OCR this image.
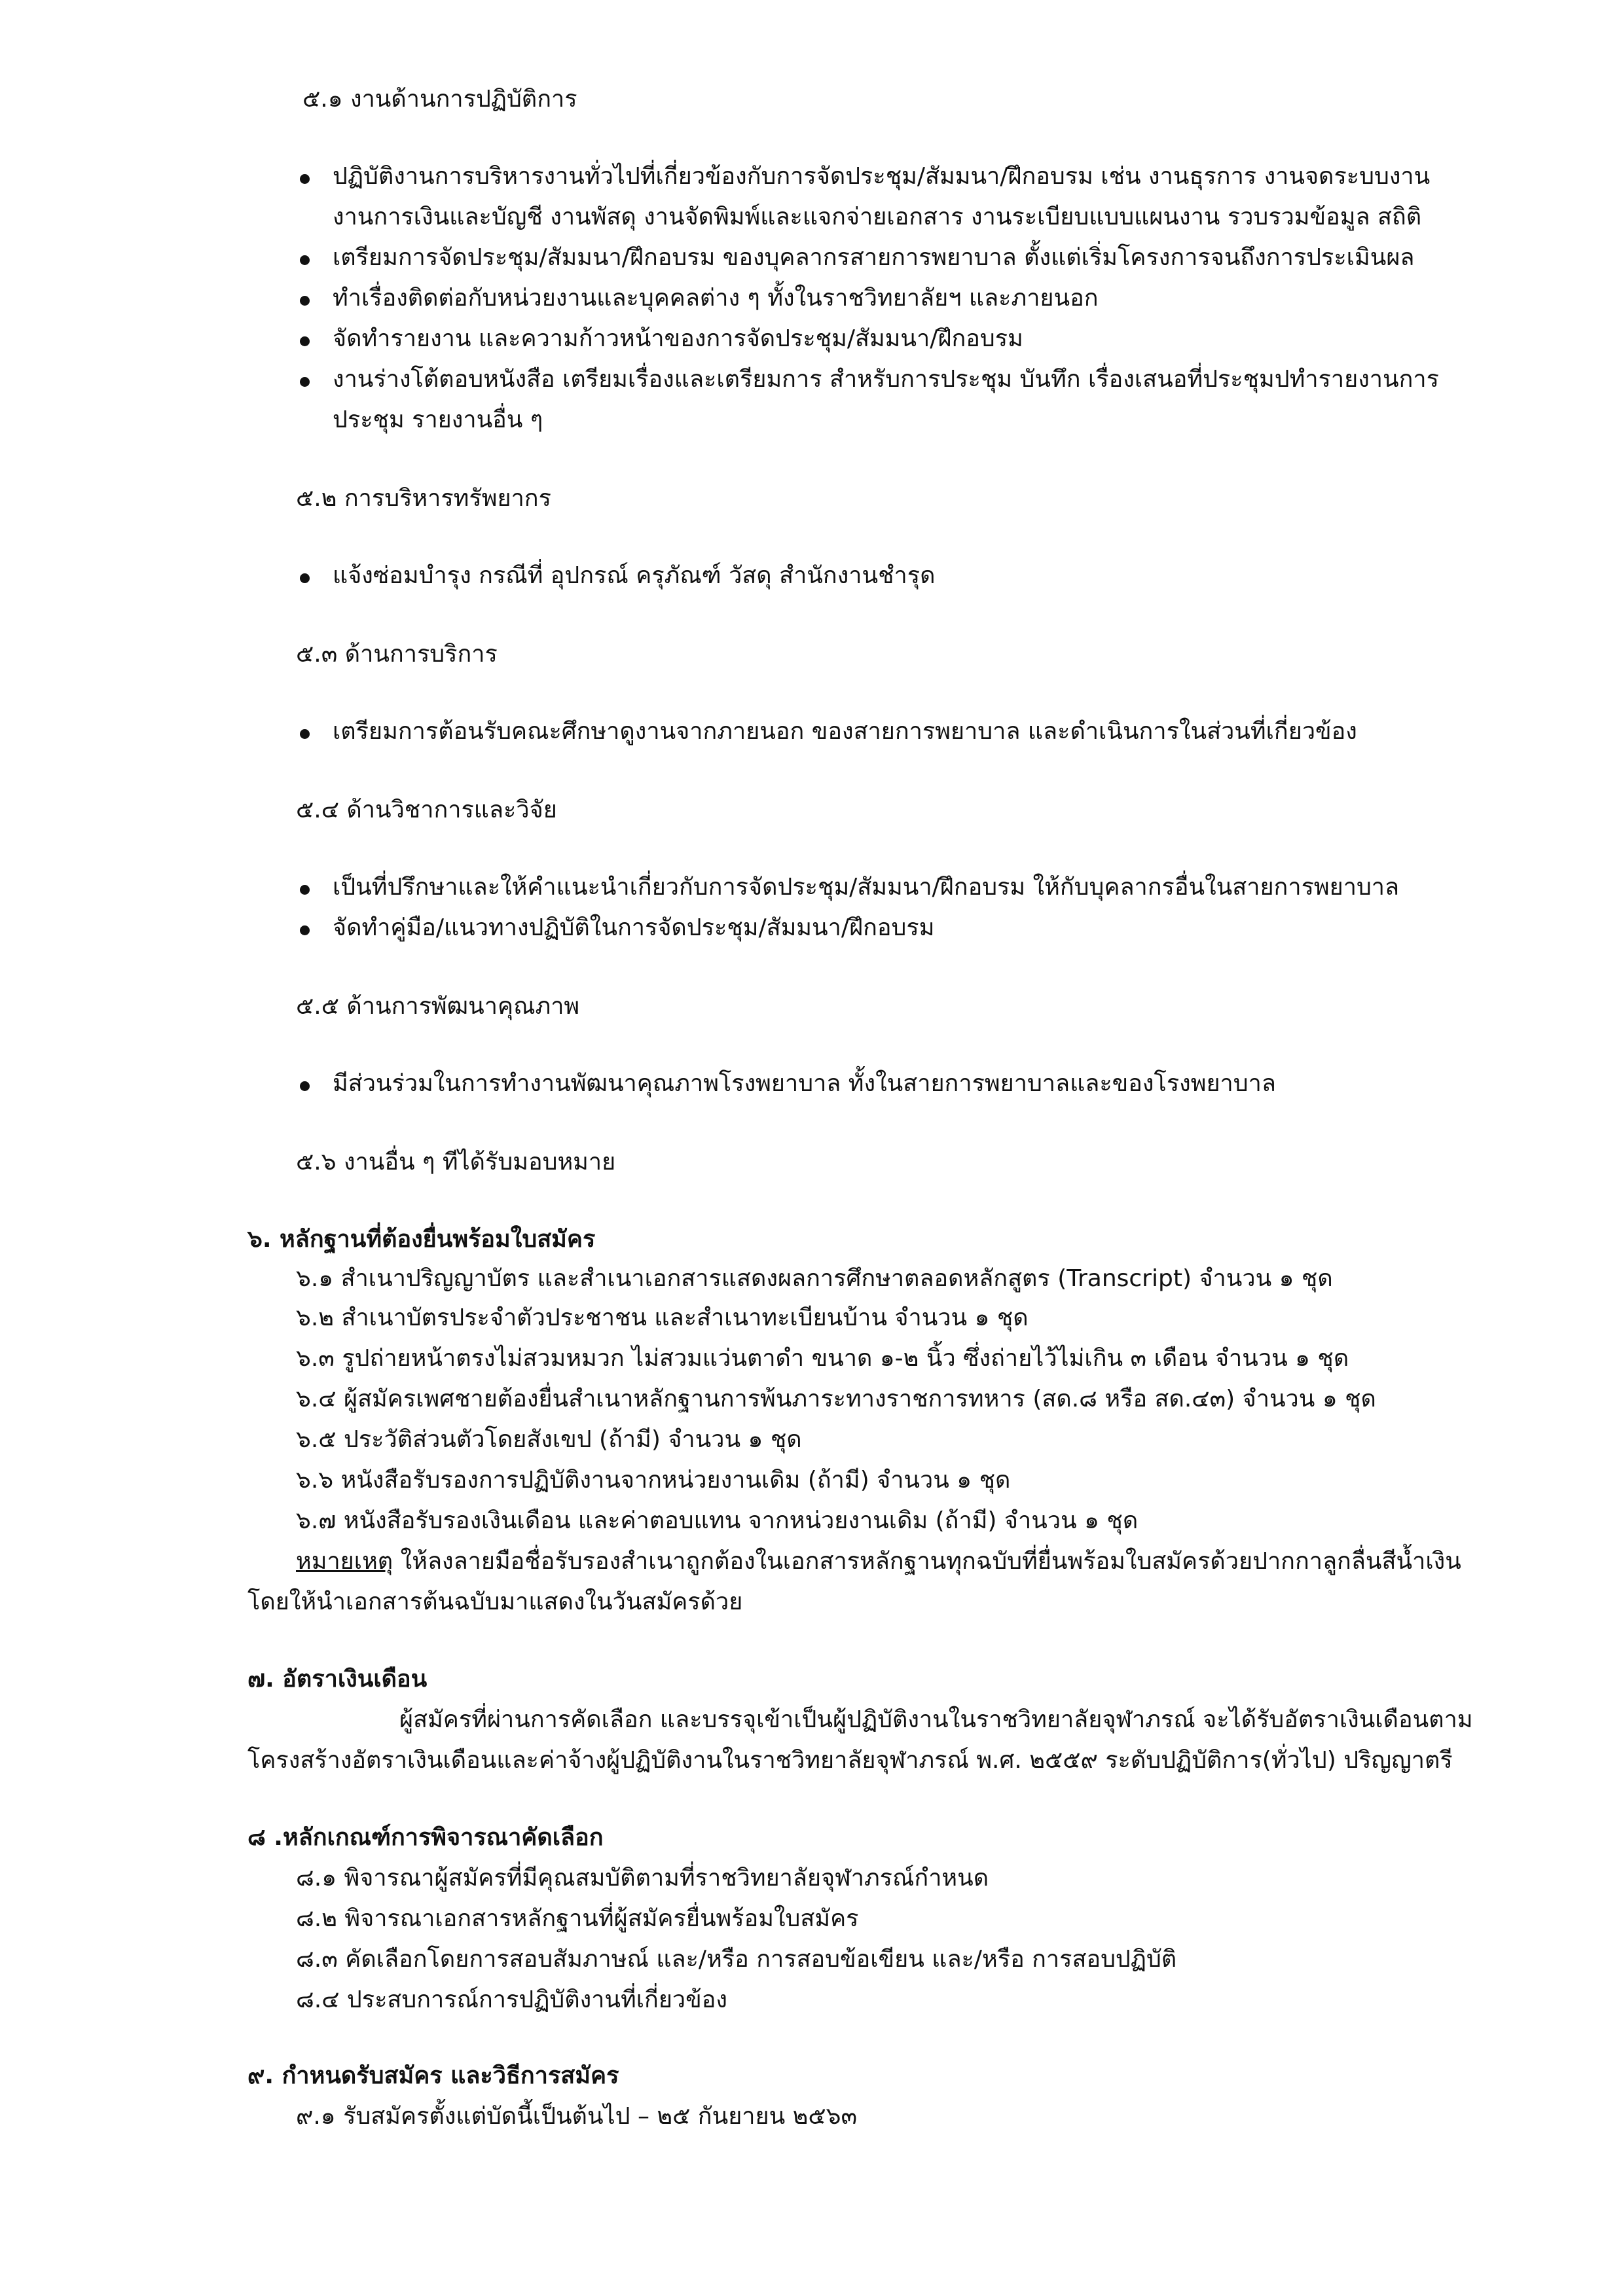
๕.๑ งานด้านการปฏิบัติการ
ปฏิบัติงานการบริหารงานทั่วไปที่เกี่ยวข้องกับการจัดประชุม/สัมมนา/ฝึกอบรม เช่น งานธุรการ งานจดระบบงาน
งานการเงินและบัญชี งานพัสดุ งานจัดพิมพ์และแจกจ่ายเอกสาร งานระเบียบแบบแผนงาน รวบรวมข้อมูล สถิติ
เตรียมการจัดประชุม/สัมมนา/ฝึกอบรม ของบุคลากรสายการพยาบาล ตั้งแต่เริ่มโครงการจนถึงการประเมินผล
ทำเรื่องติดต่อกับหน่วยงานและบุคคลต่าง ๆ ทั้งในราชวิทยาลัยฯ และภายนอก
จัดทำรายงาน และความก้าวหน้าของการจัดประชุม/สัมมนา/ฝึกอบรม
งานร่างโต้ตอบหนังสือ เตรียมเรื่องและเตรียมการ สำหรับการประชุม บันทึก เรื่องเสนอที่ประชุมปทำรายงานการ
ประชุม รายงานอื่น ๆ
๕.๒ การบริหารทรัพยากร
แจ้งซ่อมบำรุง กรณีที่ อุปกรณ์ ครุภัณฑ์ วัสดุ สำนักงานชำรุด
๕.๓ ด้านการบริการ
เตรียมการต้อนรับคณะศึกษาดูงานจากภายนอก ของสายการพยาบาล และดำเนินการในส่วนที่เกี่ยวข้อง
๕.๔ ด้านวิชาการและวิจัย
เป็นที่ปรึกษาและให้คำแนะนำเกี่ยวกับการจัดประชุม/สัมมนา/ฝึกอบรม ให้กับบุคลากรอื่นในสายการพยาบาล
จัดทำคู่มือ/แนวทางปฏิบัติในการจัดประชุม/สัมมนา/ฝึกอบรม
๕.๕ ด้านการพัฒนาคุณภาพ
มีส่วนร่วมในการทำงานพัฒนาคุณภาพโรงพยาบาล ทั้งในสายการพยาบาลและของโรงพยาบาล
๕.๖ งานอื่น ๆ ทีได้รับมอบหมาย
๖. หลักฐานที่ต้องยื่นพร้อมใบสมัคร
๖.๑ สำเนาปริญญาบัตร และสำเนาเอกสารแสดงผลการศึกษาตลอดหลักสูตร (Transcript) จำนวน ๑ ชุด
๖.๒ สำเนาบัตรประจำตัวประชาชน และสำเนาทะเบียนบ้าน จำนวน ๑ ชุด
๖.๓ รูปถ่ายหน้าตรงไม่สวมหมวก ไม่สวมแว่นตาดำ ขนาด ๑-๒ นิ้ว ซึ่งถ่ายไว้ไม่เกิน ๓ เดือน จำนวน ๑ ชุด
๖.๔ ผู้สมัครเพศชายต้องยื่นสำเนาหลักฐานการพ้นภาระทางราชการทหาร (สด.๘ หรือ สด.๔๓) จำนวน ๑ ชุด
๖.๕ ประวัติส่วนตัวโดยสังเขป (ถ้ามี) จำนวน ๑ ชุด
๖.๖ หนังสือรับรองการปฏิบัติงานจากหน่วยงานเดิม (ถ้ามี) จำนวน ๑ ชุด
๖.๗ หนังสือรับรองเงินเดือน และค่าตอบแทน จากหน่วยงานเดิม (ถ้ามี) จำนวน ๑ ชุด
หมายเหตุ ให้ลงลายมือชื่อรับรองสำเนาถูกต้องในเอกสารหลักฐานทุกฉบับที่ยื่นพร้อมใบสมัครด้วยปากกาลูกลื่นสีน้ำเงิน
โดยให้นำเอกสารต้นฉบับมาแสดงในวันสมัครด้วย
๗. อัตราเงินเดือน
ผู้สมัครที่ผ่านการคัดเลือก และบรรจุเข้าเป็นผู้ปฏิบัติงานในราชวิทยาลัยจุฬาภรณ์ จะได้รับอัตราเงินเดือนตาม
โครงสร้างอัตราเงินเดือนและค่าจ้างผู้ปฏิบัติงานในราชวิทยาลัยจุฬาภรณ์ พ.ศ. ๒๕๕๙ ระดับปฏิบัติการ(ทั่วไป) ปริญญาตรี
๘ .หลักเกณฑ์การพิจารณาคัดเลือก
๘.๑ พิจารณาผู้สมัครที่มีคุณสมบัติตามที่ราชวิทยาลัยจุฬาภรณ์กำหนด
๘.๒ พิจารณาเอกสารหลักฐานที่ผู้สมัครยื่นพร้อมใบสมัคร
๘.๓ คัดเลือกโดยการสอบสัมภาษณ์ และ/หรือ การสอบข้อเขียน และ/หรือ การสอบปฏิบัติ
๘.๔ ประสบการณ์การปฏิบัติงานที่เกี่ยวข้อง
๙. กำหนดรับสมัคร และวิธีการสมัคร
๙.๑ รับสมัครตั้งแต่บัดนี้เป็นต้นไป – ๒๕ กันยายน ๒๕๖๓
